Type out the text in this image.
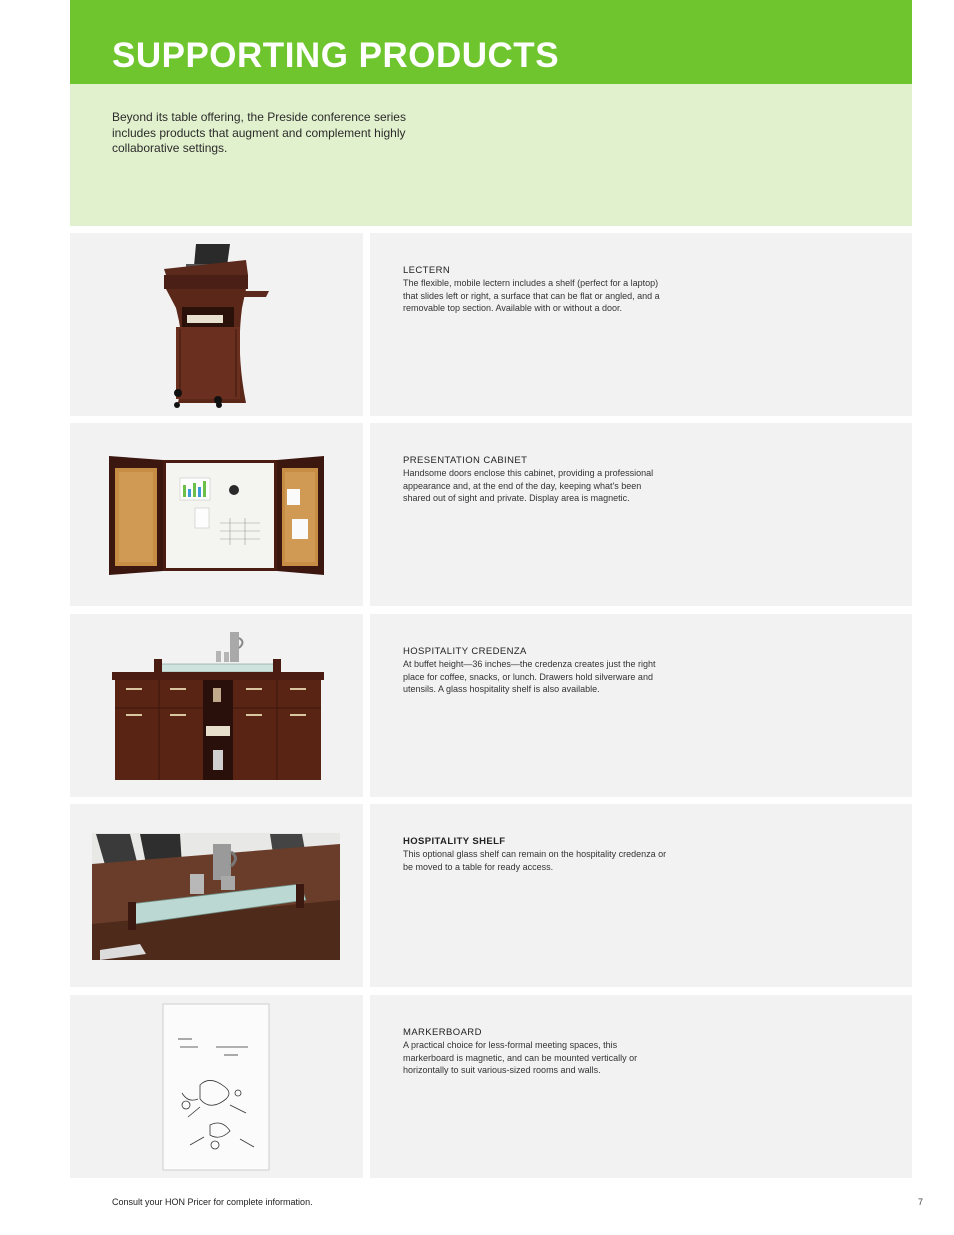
SUPPORTING PRODUCTS

Beyond its table offering, the Preside conference series includes products that augment and complement highly collaborative settings.

LECTERN

The flexible, mobile lectern includes a shelf (perfect for a laptop) that slides left or right, a surface that can be flat or angled, and a removable top section. Available with or without a door.

PRESENTATION CABINET

Handsome doors enclose this cabinet, providing a professional appearance and, at the end of the day, keeping what's been shared out of sight and private. Display area is magnetic.

HOSPITALITY CREDENZA

At buffet height—36 inches—the credenza creates just the right place for coffee, snacks, or lunch. Drawers hold silverware and utensils. A glass hospitality shelf is also available.

HOSPITALITY SHELF

This optional glass shelf can remain on the hospitality credenza or be moved to a table for ready access.

MARKERBOARD

A practical choice for less-formal meeting spaces, this markerboard is magnetic, and can be mounted vertically or horizontally to suit various-sized rooms and walls.

Consult your HON Pricer for complete information.	7
